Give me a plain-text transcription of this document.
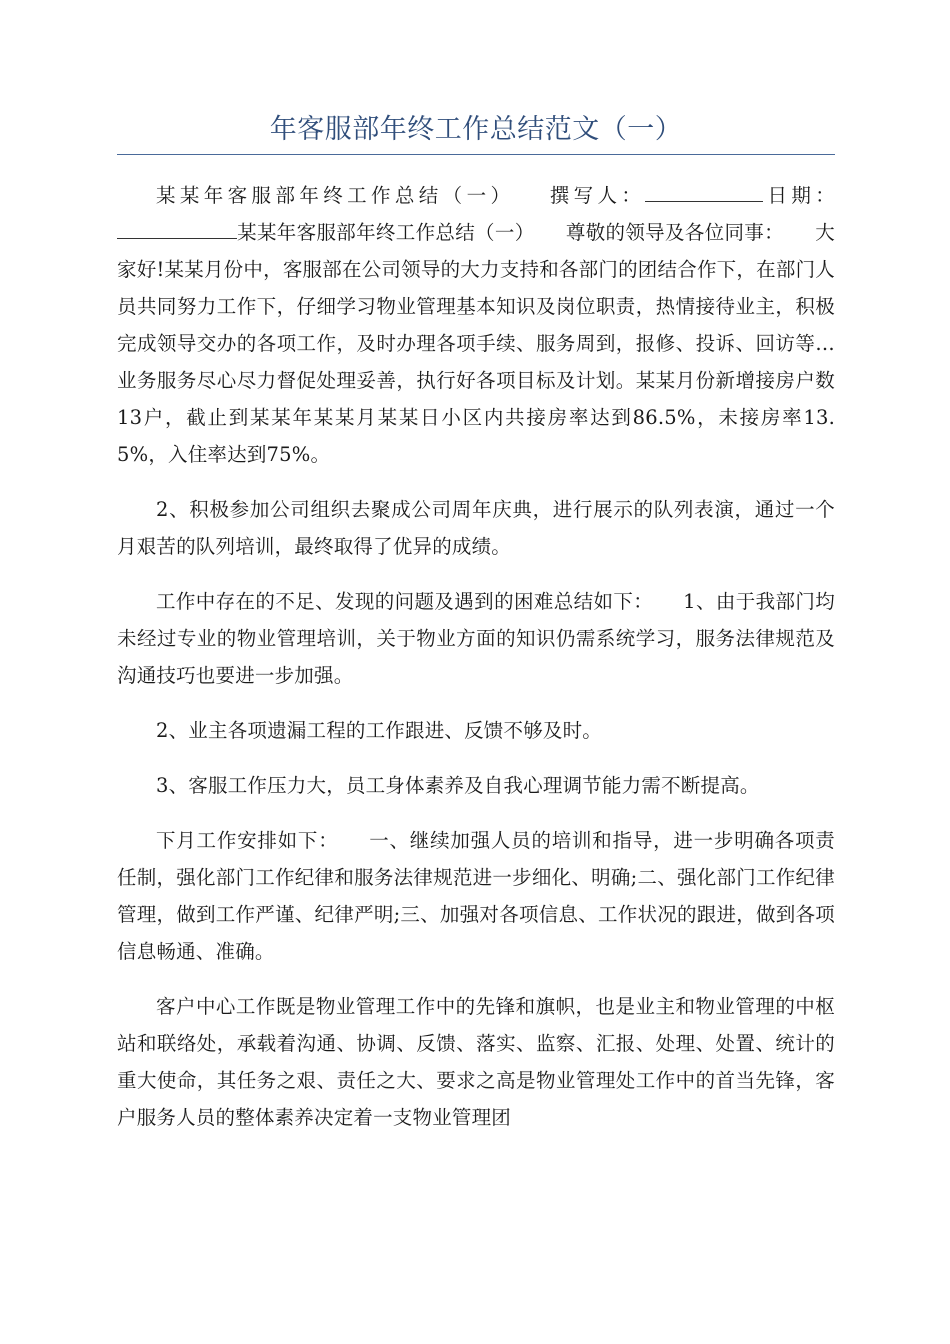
年客服部年终工作总结范文（一）

某某年客服部年终工作总结（一） 撰写人：	日期：某某年客服部年终工作总结（一） 尊敬的领导及各位同事： 大家好!某某月份中，客服部在公司领导的大力支持和各部门的团结合作下，在部门人员共同努力工作下，仔细学习物业管理基本知识及岗位职责，热情接待业主，积极完成领导交办的各项工作，及时办理各项手续、服务周到，报修、投诉、回访等…业务服务尽心尽力督促处理妥善，执行好各项目标及计划。某某月份新增接房户数13户，截止到某某年某某月某某日小区内共接房率达到86.5%，未接房率13.5%，入住率达到75%。

2、积极参加公司组织去聚成公司周年庆典，进行展示的队列表演，通过一个月艰苦的队列培训，最终取得了优异的成绩。

工作中存在的不足、发现的问题及遇到的困难总结如下：　　1、由于我部门均未经过专业的物业管理培训，关于物业方面的知识仍需系统学习，服务法律规范及沟通技巧也要进一步加强。

2、业主各项遗漏工程的工作跟进、反馈不够及时。

3、客服工作压力大，员工身体素养及自我心理调节能力需不断提高。

下月工作安排如下：　　一、继续加强人员的培训和指导，进一步明确各项责任制，强化部门工作纪律和服务法律规范进一步细化、明确;二、强化部门工作纪律管理，做到工作严谨、纪律严明;三、加强对各项信息、工作状况的跟进，做到各项信息畅通、准确。

客户中心工作既是物业管理工作中的先锋和旗帜，也是业主和物业管理的中枢站和联络处，承载着沟通、协调、反馈、落实、监察、汇报、处理、处置、统计的重大使命，其任务之艰、责任之大、要求之高是物业管理处工作中的首当先锋，客户服务人员的整体素养决定着一支物业管理团
